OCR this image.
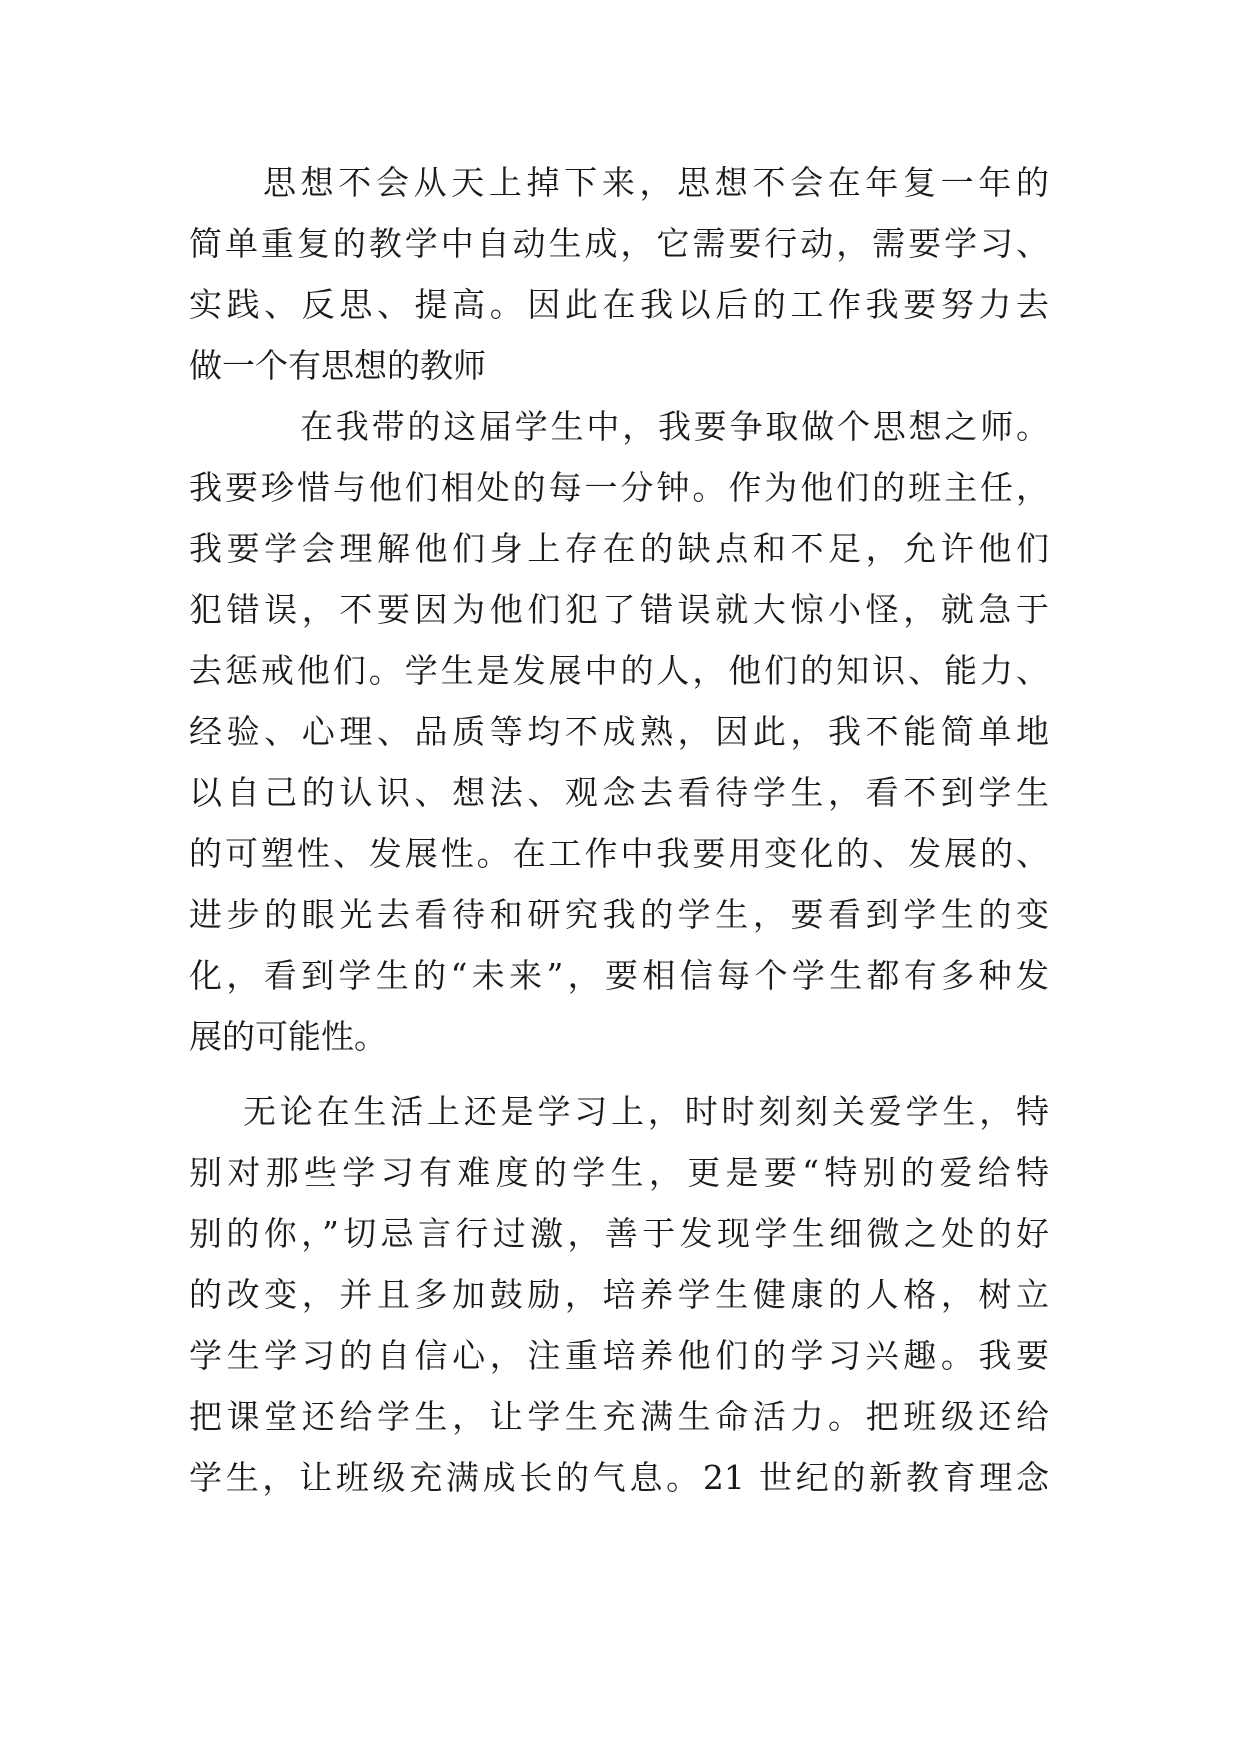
思想不会从天上掉下来，思想不会在年复一年的
简单重复的教学中自动生成，它需要行动，需要学习、
实践、反思、提高。因此在我以后的工作我要努力去
做一个有思想的教师
在我带的这届学生中，我要争取做个思想之师。
我要珍惜与他们相处的每一分钟。作为他们的班主任，
我要学会理解他们身上存在的缺点和不足，允许他们
犯错误，不要因为他们犯了错误就大惊小怪，就急于
去惩戒他们。学生是发展中的人，他们的知识、能力、
经验、心理、品质等均不成熟，因此，我不能简单地
以自己的认识、想法、观念去看待学生，看不到学生
的可塑性、发展性。在工作中我要用变化的、发展的、
进步的眼光去看待和研究我的学生，要看到学生的变
化，看到学生的“未来”，要相信每个学生都有多种发
展的可能性。
无论在生活上还是学习上，时时刻刻关爱学生，特
别对那些学习有难度的学生，更是要“特别的爱给特
别的你，”切忌言行过激，善于发现学生细微之处的好
的改变，并且多加鼓励，培养学生健康的人格，树立
学生学习的自信心，注重培养他们的学习兴趣。我要
把课堂还给学生，让学生充满生命活力。把班级还给
学生，让班级充满成长的气息。21 世纪的新教育理念
